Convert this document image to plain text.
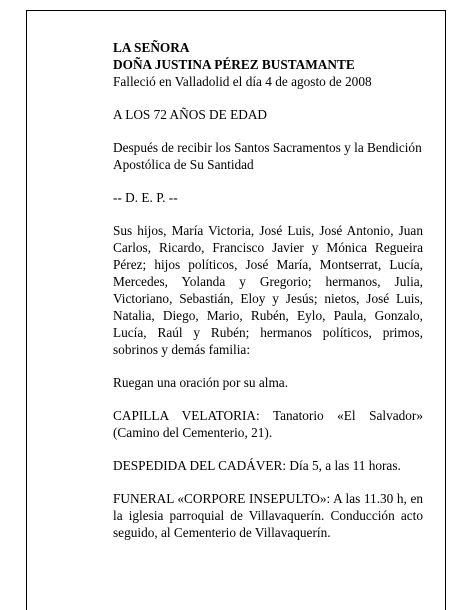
LA SEÑORA

DOÑA JUSTINA PÉREZ BUSTAMANTE

Falleció en Valladolid el día 4 de agosto de 2008

A LOS 72 AÑOS DE EDAD

Después de recibir los Santos Sacramentos y la Bendición Apostólica de Su Santidad

-- D. E. P. --

Sus hijos, María Victoria, José Luis, José Antonio, Juan Carlos, Ricardo, Francisco Javier y Mónica Regueira Pérez; hijos políticos, José María, Montserrat, Lucía, Mercedes, Yolanda y Gregorio; hermanos, Julia, Victoriano, Sebastián, Eloy y Jesús; nietos, José Luis, Natalia, Diego, Mario, Rubén, Eylo, Paula, Gonzalo, Lucía, Raúl y Rubén; hermanos políticos, primos, sobrinos y demás familia:

Ruegan una oración por su alma.

CAPILLA VELATORIA: Tanatorio «El Salvador» (Camino del Cementerio, 21).

DESPEDIDA DEL CADÁVER: Día 5, a las 11 horas.

FUNERAL «CORPORE INSEPULTO»: A las 11.30 h, en la iglesia parroquial de Villavaquerín. Conducción acto seguido, al Cementerio de Villavaquerín.
